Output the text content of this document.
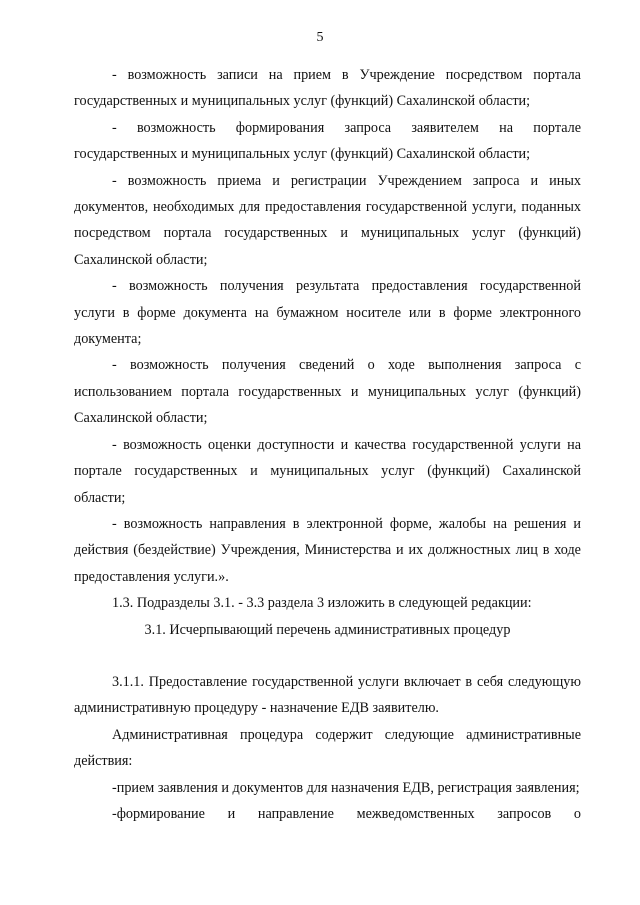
5

- возможность записи на прием в Учреждение посредством портала государственных и муниципальных услуг (функций) Сахалинской области;

- возможность формирования запроса заявителем на портале государственных и муниципальных услуг (функций) Сахалинской области;

- возможность приема и регистрации Учреждением запроса и иных документов, необходимых для предоставления государственной услуги, поданных посредством портала государственных и муниципальных услуг (функций) Сахалинской области;

- возможность получения результата предоставления государственной услуги в форме документа на бумажном носителе или в форме электронного документа;

- возможность получения сведений о ходе выполнения запроса с использованием портала государственных и муниципальных услуг (функций) Сахалинской области;

- возможность оценки доступности и качества государственной услуги на портале государственных и муниципальных услуг (функций) Сахалинской области;

- возможность направления в электронной форме, жалобы на решения и действия (бездействие) Учреждения, Министерства и их должностных лиц в ходе предоставления услуги.».

1.3. Подразделы 3.1. - 3.3 раздела 3 изложить в следующей редакции:

3.1. Исчерпывающий перечень административных процедур

3.1.1. Предоставление государственной услуги включает в себя следующую административную процедуру - назначение ЕДВ заявителю.

Административная процедура содержит следующие административные действия:

-прием заявления и документов для назначения ЕДВ, регистрация заявления;

-формирование и направление межведомственных запросов о
